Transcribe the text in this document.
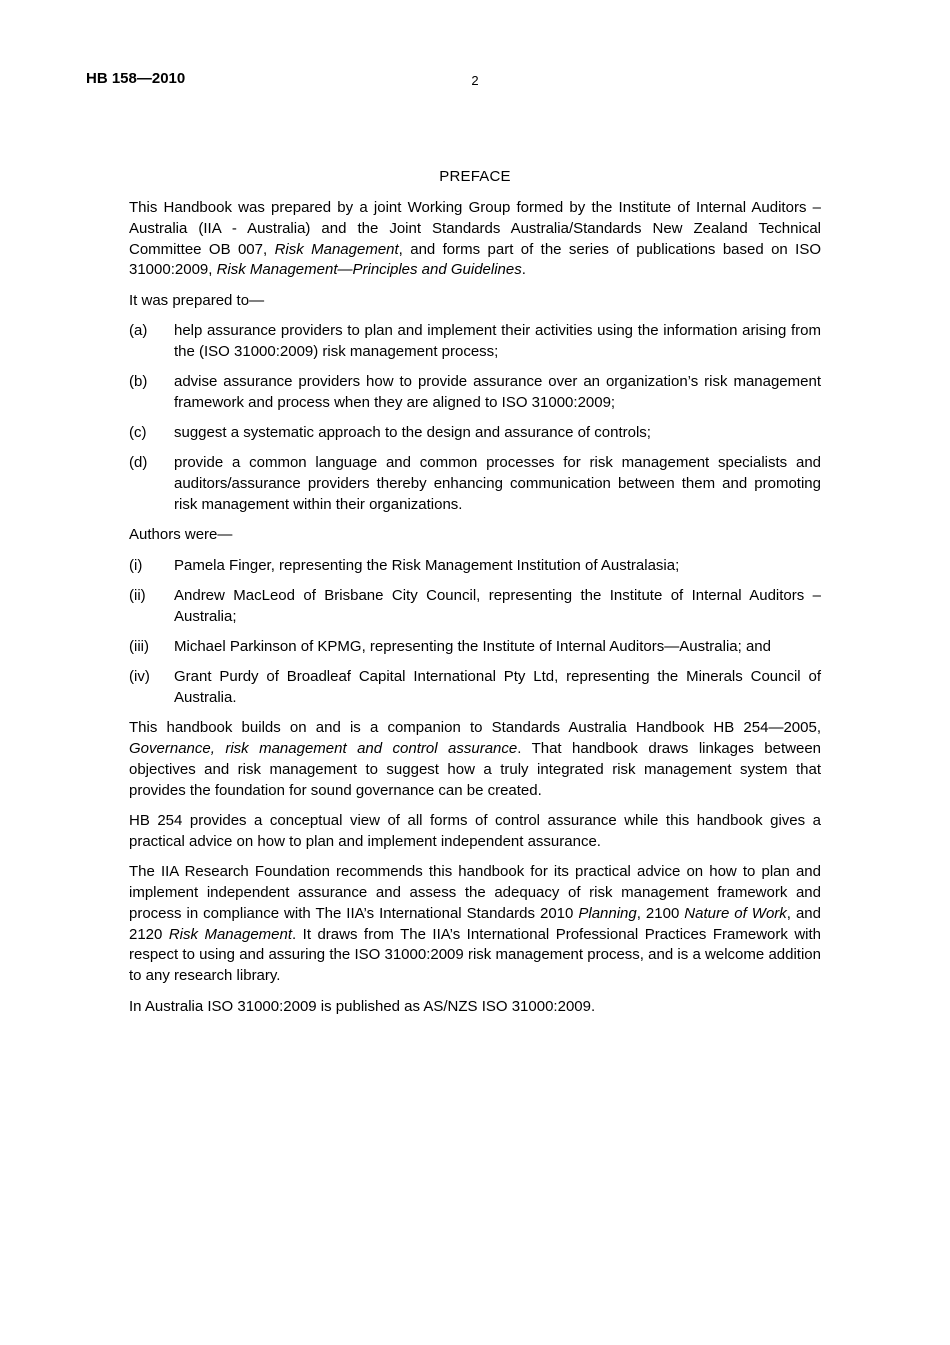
HB 158—2010	2
PREFACE

This Handbook was prepared by a joint Working Group formed by the Institute of Internal Auditors – Australia (IIA - Australia) and the Joint Standards Australia/Standards New Zealand Technical Committee OB 007, Risk Management, and forms part of the series of publications based on ISO 31000:2009, Risk Management—Principles and Guidelines.

It was prepared to—

(a)	help assurance providers to plan and implement their activities using the information arising from the (ISO 31000:2009) risk management process;
(b)	advise assurance providers how to provide assurance over an organization’s risk management framework and process when they are aligned to ISO 31000:2009;
(c)	suggest a systematic approach to the design and assurance of controls;
(d)	provide a common language and common processes for risk management specialists and auditors/assurance providers thereby enhancing communication between them and promoting risk management within their organizations.

Authors were—

(i)	Pamela Finger, representing the Risk Management Institution of Australasia;
(ii)	Andrew MacLeod of Brisbane City Council, representing the Institute of Internal Auditors – Australia;
(iii)	Michael Parkinson of KPMG, representing the Institute of Internal Auditors—Australia; and
(iv)	Grant Purdy of Broadleaf Capital International Pty Ltd, representing the Minerals Council of Australia.

This handbook builds on and is a companion to Standards Australia Handbook HB 254—2005, Governance, risk management and control assurance. That handbook draws linkages between objectives and risk management to suggest how a truly integrated risk management system that provides the foundation for sound governance can be created.

HB 254 provides a conceptual view of all forms of control assurance while this handbook gives a practical advice on how to plan and implement independent assurance.

The IIA Research Foundation recommends this handbook for its practical advice on how to plan and implement independent assurance and assess the adequacy of risk management framework and process in compliance with The IIA’s International Standards 2010 Planning, 2100 Nature of Work, and 2120 Risk Management. It draws from The IIA’s International Professional Practices Framework with respect to using and assuring the ISO 31000:2009 risk management process, and is a welcome addition to any research library.

In Australia ISO 31000:2009 is published as AS/NZS ISO 31000:2009.
